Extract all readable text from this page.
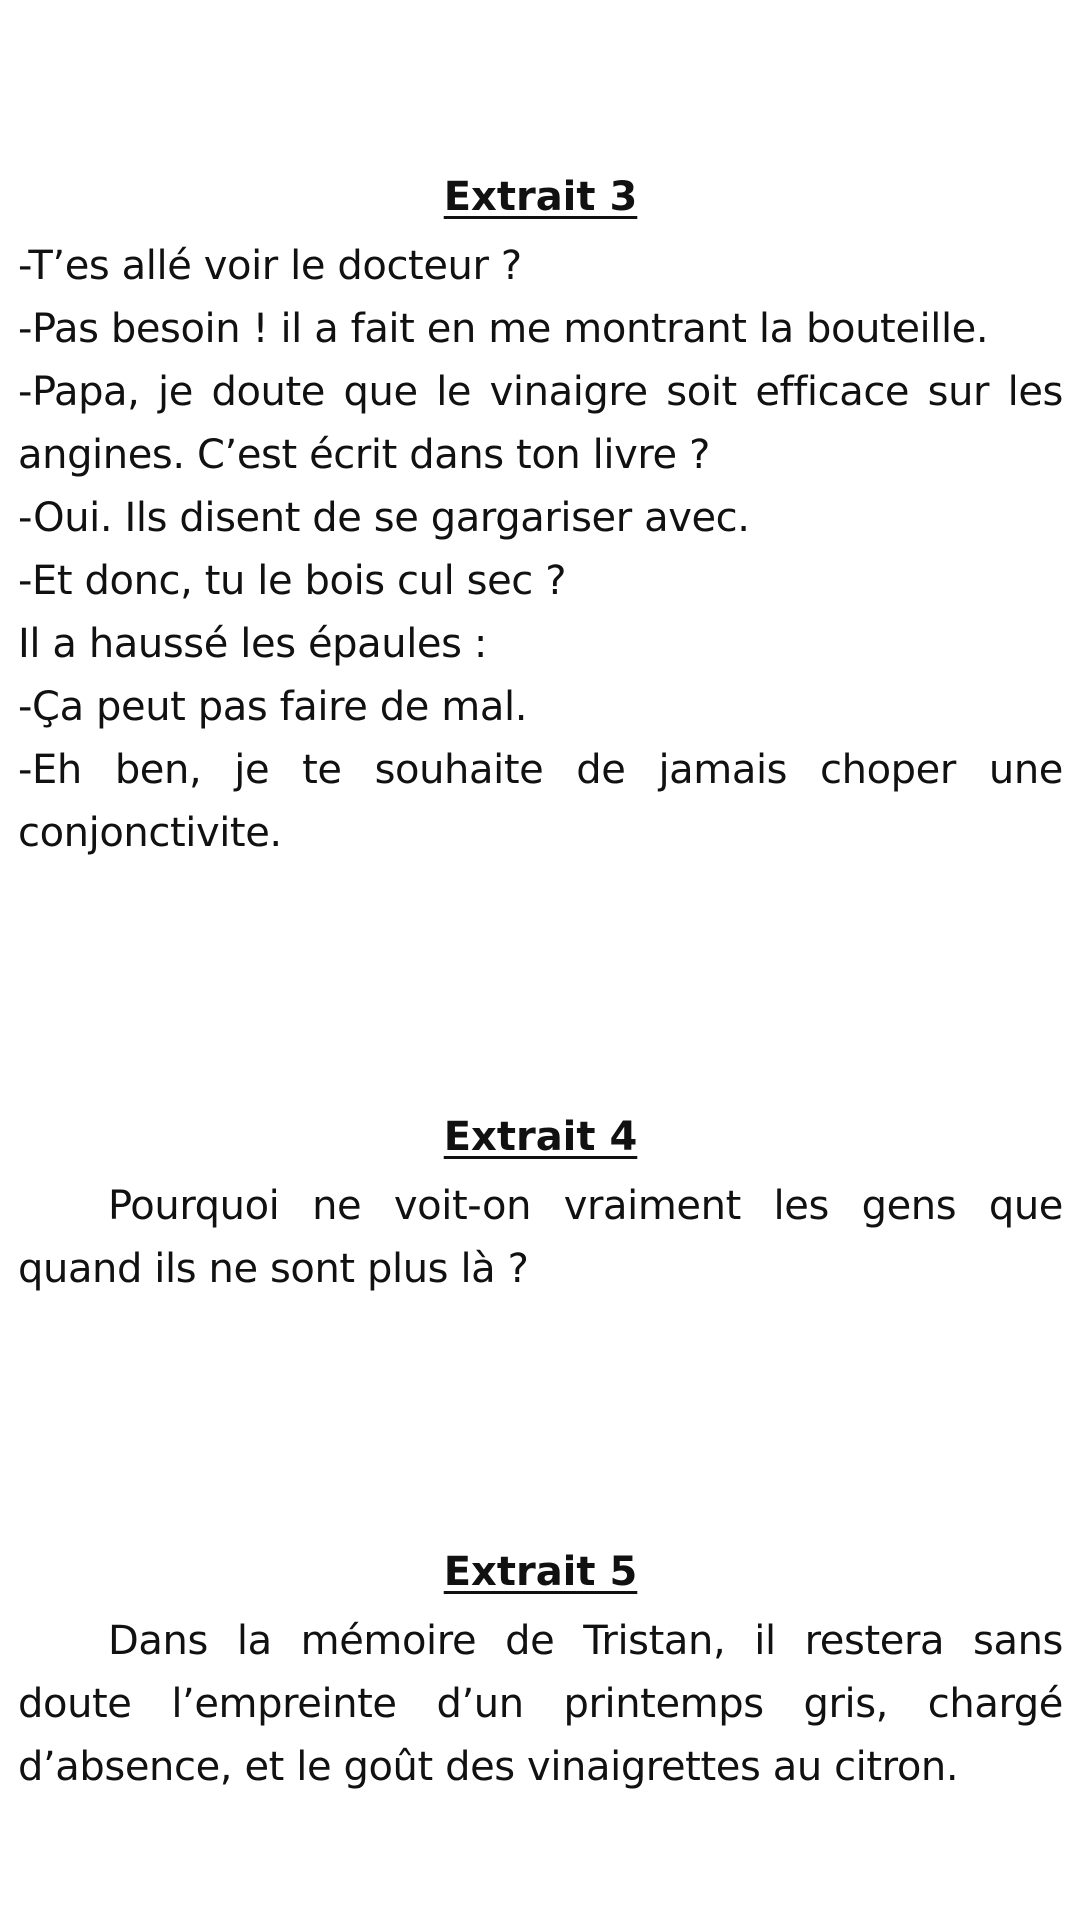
Extrait 3

-T’es allé voir le docteur ?

-Pas besoin ! il a fait en me montrant la bouteille.

-Papa, je doute que le vinaigre soit efficace sur les angines. C’est écrit dans ton livre ?

-Oui. Ils disent de se gargariser avec.

-Et donc, tu le bois cul sec ?

Il a haussé les épaules :

-Ça peut pas faire de mal.

-Eh ben, je te souhaite de jamais choper une conjonctivite.

Extrait 4

Pourquoi ne voit-on vraiment les gens que quand ils ne sont plus là ?

Extrait 5

Dans la mémoire de Tristan, il restera sans doute l’empreinte d’un printemps gris, chargé d’absence, et le goût des vinaigrettes au citron.
